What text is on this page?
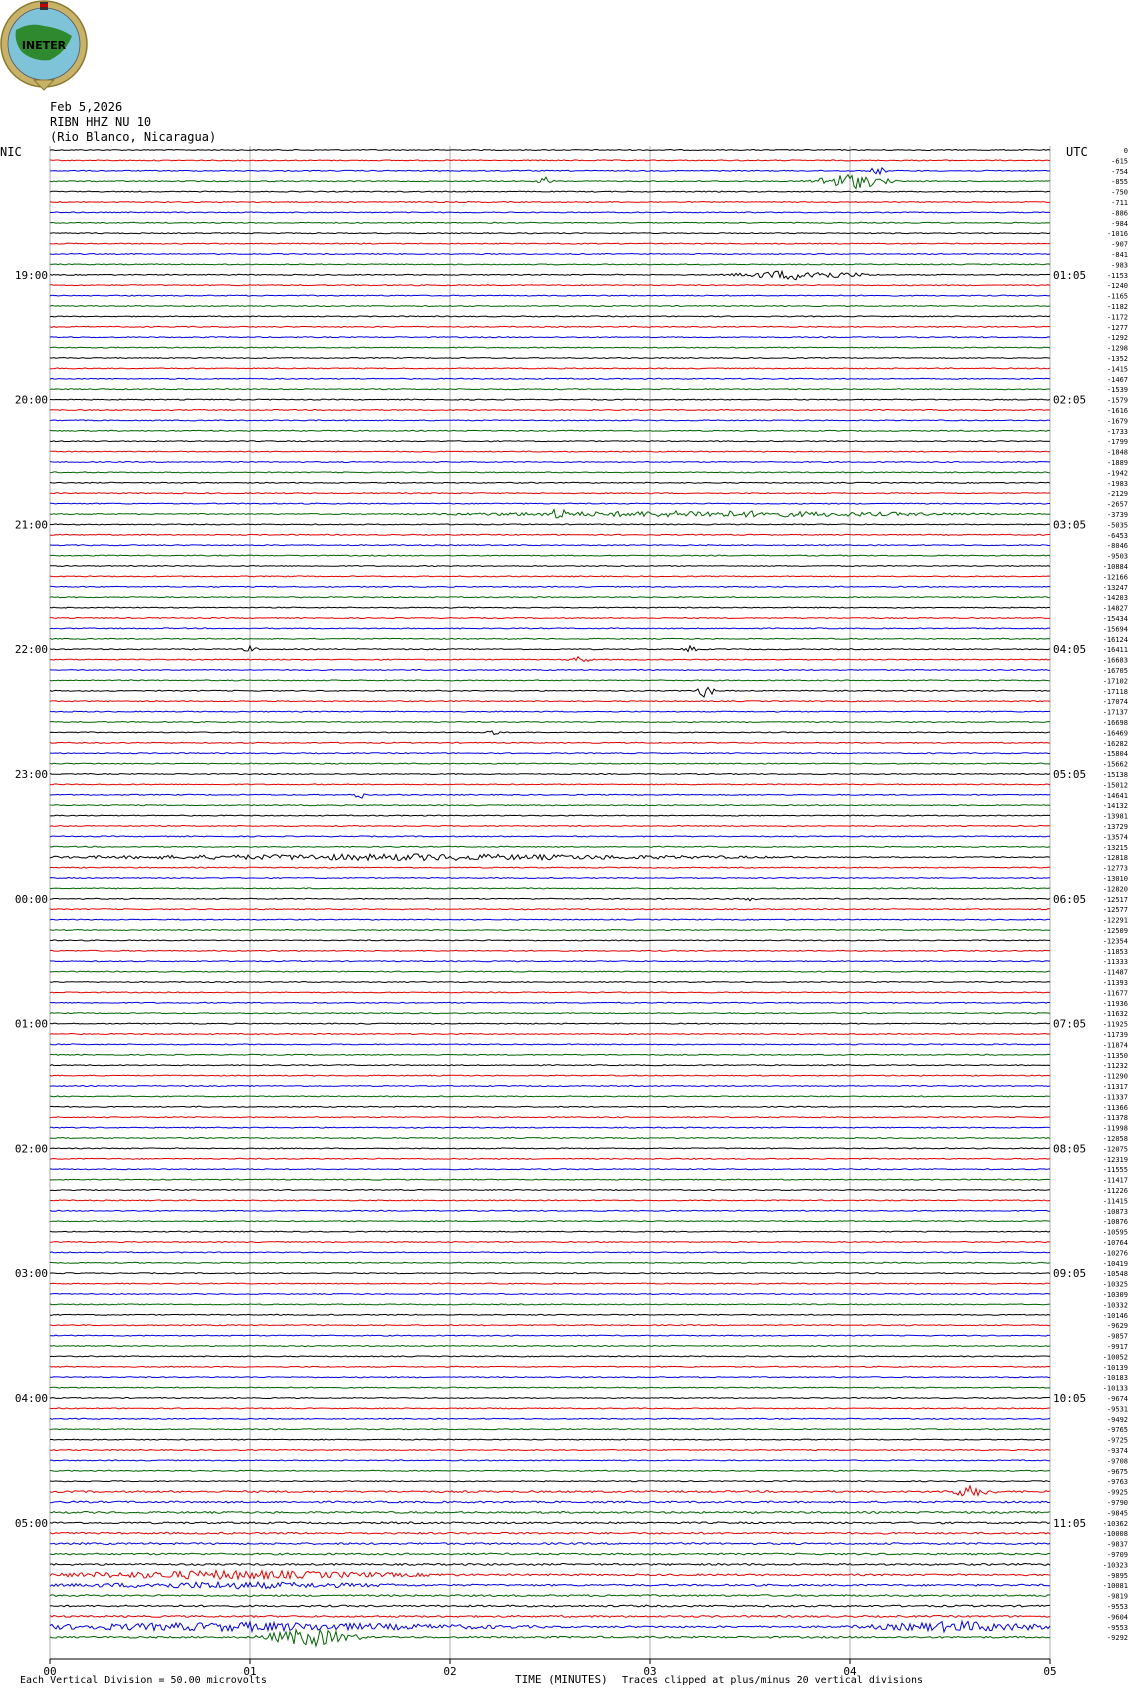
INETER
0
-615
-754
-855
-750
-711
-886
-984
-1016
-907
-841
-983
-1153
-1240
-1165
-1182
-1172
-1277
-1292
-1298
-1352
-1415
-1467
-1539
-1579
-1616
-1679
-1733
-1799
-1848
-1889
-1942
-1983
-2129
-2657
-3739
-5035
-6453
-8046
-9503
-10884
-12166
-13247
-14203
-14827
-15434
-15694
-16124
-16411
-16683
-16705
-17102
-17118
-17074
-17137
-16698
-16469
-16282
-15804
-15662
-15138
-15012
-14641
-14132
-13981
-13729
-13574
-13215
-12818
-12773
-13010
-12820
-12517
-12577
-12291
-12509
-12354
-11853
-11333
-11487
-11393
-11677
-11936
-11632
-11925
-11739
-11874
-11350
-11232
-11290
-11317
-11337
-11366
-11378
-11998
-12058
-12075
-12319
-11555
-11417
-11226
-11415
-10873
-10876
-10595
-10764
-10276
-10419
-10548
-10325
-10309
-10332
-10146
-9629
-9857
-9917
-10052
-10139
-10183
-10133
-9674
-9531
-9492
-9765
-9725
-9374
-9708
-9675
-9763
-9925
-9790
-9845
-10362
-10008
-9837
-9709
-10323
-9895
-10081
-9819
-9553
-9604
-9553
-9292
19:00
20:00
21:00
22:00
23:00
00:00
01:00
02:00
03:00
04:00
05:00
01:05
02:05
03:05
04:05
05:05
06:05
07:05
08:05
09:05
10:05
11:05
00	01	02	03	04	05
Feb 5,2026
RIBN HHZ NU 10
(Rio Blanco, Nicaragua)
NIC	UTC
Each Vertical Division = 50.00 microvolts	TIME (MINUTES) Traces clipped at plus/minus 20 vertical divisions
